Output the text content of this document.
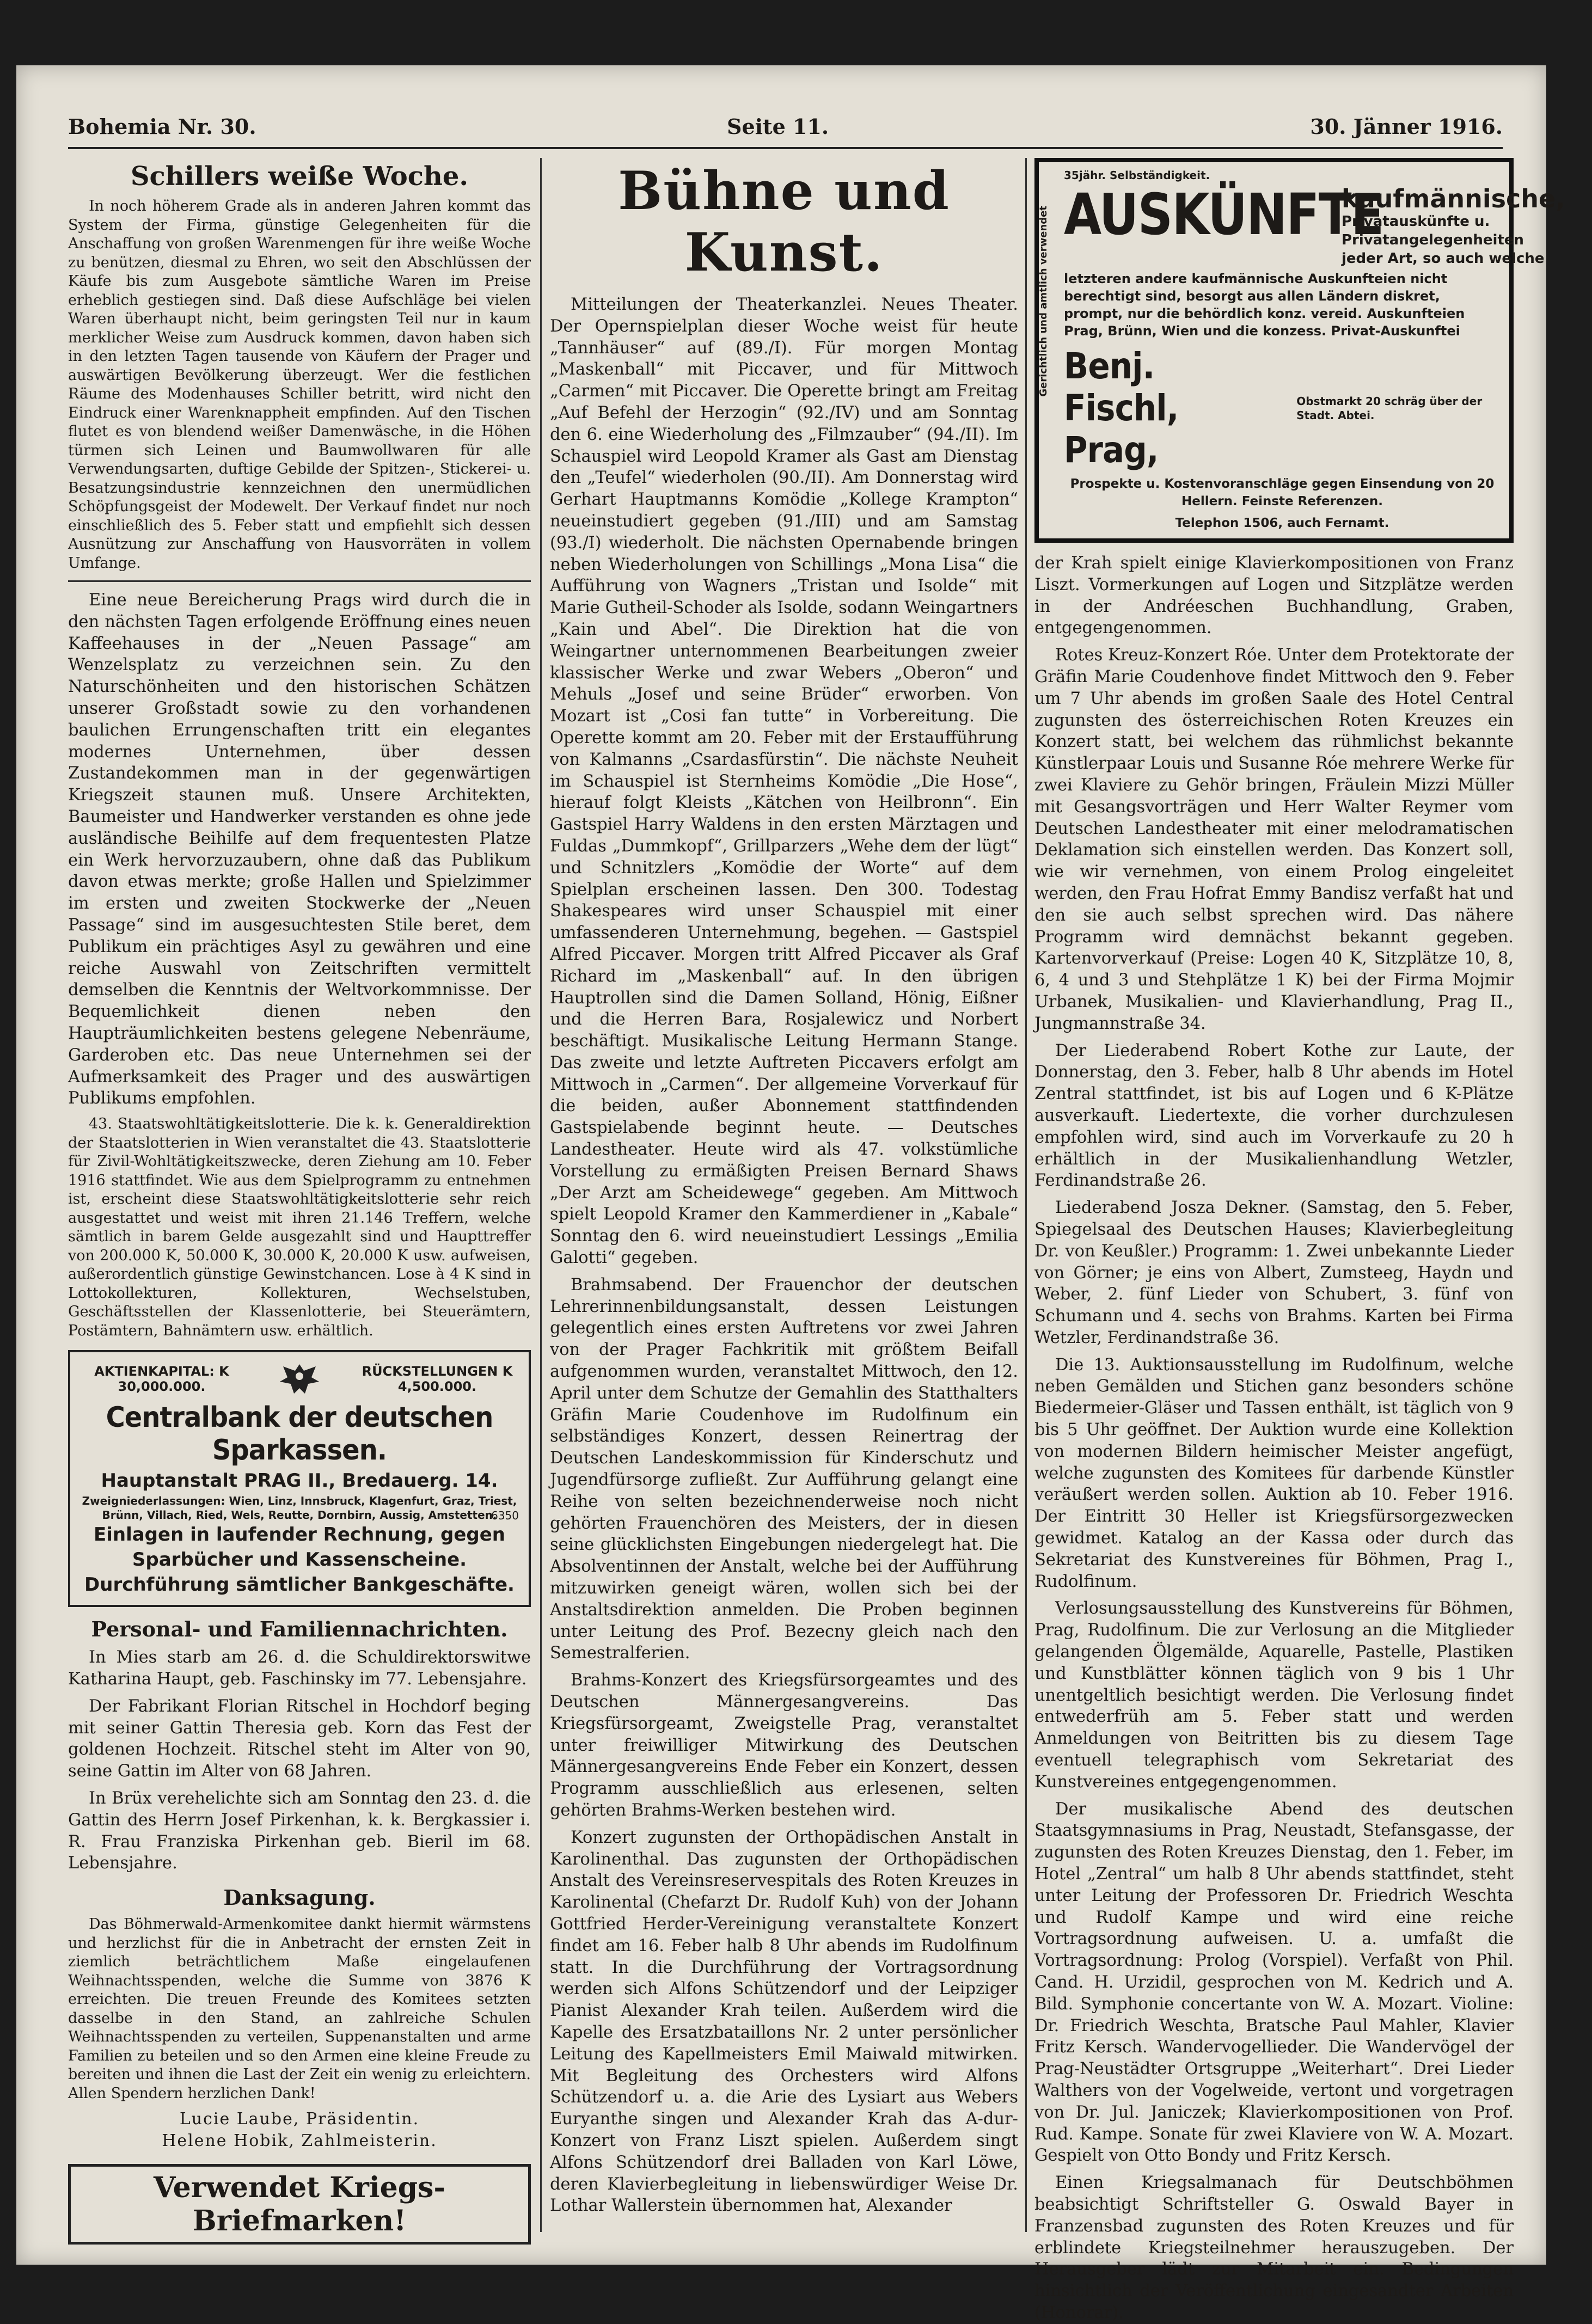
Bohemia Nr. 30.	Seite 11.	30. Jänner 1916.
Schillers weiße Woche.

In noch höherem Grade als in anderen Jahren kommt das System der Firma, günstige Gelegenheiten für die Anschaffung von großen Warenmengen für ihre weiße Woche zu benützen, diesmal zu Ehren, wo seit den Abschlüssen der Käufe bis zum Ausgebote sämtliche Waren im Preise erheblich gestiegen sind. Daß diese Aufschläge bei vielen Waren überhaupt nicht, beim geringsten Teil nur in kaum merklicher Weise zum Ausdruck kommen, davon haben sich in den letzten Tagen tausende von Käufern der Prager und auswärtigen Bevölkerung überzeugt. Wer die festlichen Räume des Modenhauses Schiller betritt, wird nicht den Eindruck einer Warenknappheit empfinden. Auf den Tischen flutet es von blendend weißer Damenwäsche, in die Höhen türmen sich Leinen und Baumwollwaren für alle Verwendungsarten, duftige Gebilde der Spitzen-, Stickerei- u. Besatzungsindustrie kennzeichnen den unermüdlichen Schöpfungsgeist der Modewelt. Der Verkauf findet nur noch einschließlich des 5. Feber statt und empfiehlt sich dessen Ausnützung zur Anschaffung von Hausvorräten in vollem Umfange.

Eine neue Bereicherung Prags wird durch die in den nächsten Tagen erfolgende Eröffnung eines neuen Kaffeehauses in der „Neuen Passage“ am Wenzelsplatz zu verzeichnen sein. Zu den Naturschönheiten und den historischen Schätzen unserer Großstadt sowie zu den vorhandenen baulichen Errungenschaften tritt ein elegantes modernes Unternehmen, über dessen Zustandekommen man in der gegenwärtigen Kriegszeit staunen muß. Unsere Architekten, Baumeister und Handwerker verstanden es ohne jede ausländische Beihilfe auf dem frequentesten Platze ein Werk hervorzuzaubern, ohne daß das Publikum davon etwas merkte; große Hallen und Spielzimmer im ersten und zweiten Stockwerke der „Neuen Passage“ sind im ausgesuchtesten Stile beret, dem Publikum ein prächtiges Asyl zu gewähren und eine reiche Auswahl von Zeitschriften vermittelt demselben die Kenntnis der Weltvorkommnisse. Der Bequemlichkeit dienen neben den Haupträumlichkeiten bestens gelegene Nebenräume, Garderoben etc. Das neue Unternehmen sei der Aufmerksamkeit des Prager und des auswärtigen Publikums empfohlen.

43. Staatswohltätigkeitslotterie. Die k. k. Generaldirektion der Staatslotterien in Wien veranstaltet die 43. Staatslotterie für Zivil-Wohltätigkeitszwecke, deren Ziehung am 10. Feber 1916 stattfindet. Wie aus dem Spielprogramm zu entnehmen ist, erscheint diese Staatswohltätigkeitslotterie sehr reich ausgestattet und weist mit ihren 21.146 Treffern, welche sämtlich in barem Gelde ausgezahlt sind und Haupttreffer von 200.000 K, 50.000 K, 30.000 K, 20.000 K usw. aufweisen, außerordentlich günstige Gewinstchancen. Lose à 4 K sind in Lottokollekturen, Kollekturen, Wechselstuben, Geschäftsstellen der Klassenlotterie, bei Steuerämtern, Postämtern, Bahnämtern usw. erhältlich.

AKTIENKAPITAL: K 30,000.000.
RÜCKSTELLUNGEN K 4,500.000.
Centralbank der deutschen Sparkassen.
Hauptanstalt PRAG II., Bredauerg. 14.
Zweigniederlassungen: Wien, Linz, Innsbruck, Klagenfurt, Graz, Triest, Brünn, Villach, Ried, Wels, Reutte, Dornbirn, Aussig, Amstetten.
6350
Einlagen in laufender Rechnung, gegen
Sparbücher und Kassenscheine.
Durchführung sämtlicher Bankgeschäfte.
Personal- und Familiennachrichten.

In Mies starb am 26. d. die Schuldirektorswitwe Katharina Haupt, geb. Faschinsky im 77. Lebensjahre.

Der Fabrikant Florian Ritschel in Hochdorf beging mit seiner Gattin Theresia geb. Korn das Fest der goldenen Hochzeit. Ritschel steht im Alter von 90, seine Gattin im Alter von 68 Jahren.

In Brüx verehelichte sich am Sonntag den 23. d. die Gattin des Herrn Josef Pirkenhan, k. k. Bergkassier i. R. Frau Franziska Pirkenhan geb. Bieril im 68. Lebensjahre.

Danksagung.

Das Böhmerwald-Armenkomitee dankt hiermit wärmstens und herzlichst für die in Anbetracht der ernsten Zeit in ziemlich beträchtlichem Maße eingelaufenen Weihnachtsspenden, welche die Summe von 3876 K erreichten. Die treuen Freunde des Komitees setzten dasselbe in den Stand, an zahlreiche Schulen Weihnachtsspenden zu verteilen, Suppenanstalten und arme Familien zu beteilen und so den Armen eine kleine Freude zu bereiten und ihnen die Last der Zeit ein wenig zu erleichtern. Allen Spendern herzlichen Dank!

Lucie Laube, Präsidentin.

Helene Hobik, Zahlmeisterin.

Verwendet Kriegs-Briefmarken!
Bühne und Kunst.

Mitteilungen der Theaterkanzlei. Neues Theater. Der Opernspielplan dieser Woche weist für heute „Tannhäuser“ auf (89./I). Für morgen Montag „Maskenball“ mit Piccaver, und für Mittwoch „Carmen“ mit Piccaver. Die Operette bringt am Freitag „Auf Befehl der Herzogin“ (92./IV) und am Sonntag den 6. eine Wiederholung des „Filmzauber“ (94./II). Im Schauspiel wird Leopold Kramer als Gast am Dienstag den „Teufel“ wiederholen (90./II). Am Donnerstag wird Gerhart Hauptmanns Komödie „Kollege Krampton“ neueinstudiert gegeben (91./III) und am Samstag (93./I) wiederholt. Die nächsten Opernabende bringen neben Wiederholungen von Schillings „Mona Lisa“ die Aufführung von Wagners „Tristan und Isolde“ mit Marie Gutheil-Schoder als Isolde, sodann Weingartners „Kain und Abel“. Die Direktion hat die von Weingartner unternommenen Bearbeitungen zweier klassischer Werke und zwar Webers „Oberon“ und Mehuls „Josef und seine Brüder“ erworben. Von Mozart ist „Cosi fan tutte“ in Vorbereitung. Die Operette kommt am 20. Feber mit der Erstaufführung von Kalmanns „Csardasfürstin“. Die nächste Neuheit im Schauspiel ist Sternheims Komödie „Die Hose“, hierauf folgt Kleists „Kätchen von Heilbronn“. Ein Gastspiel Harry Waldens in den ersten Märztagen und Fuldas „Dummkopf“, Grillparzers „Wehe dem der lügt“ und Schnitzlers „Komödie der Worte“ auf dem Spielplan erscheinen lassen. Den 300. Todestag Shakespeares wird unser Schauspiel mit einer umfassenderen Unternehmung, begehen. — Gastspiel Alfred Piccaver. Morgen tritt Alfred Piccaver als Graf Richard im „Maskenball“ auf. In den übrigen Hauptrollen sind die Damen Solland, Hönig, Eißner und die Herren Bara, Rosjalewicz und Norbert beschäftigt. Musikalische Leitung Hermann Stange. Das zweite und letzte Auftreten Piccavers erfolgt am Mittwoch in „Carmen“. Der allgemeine Vorverkauf für die beiden, außer Abonnement stattfindenden Gastspielabende beginnt heute. — Deutsches Landestheater. Heute wird als 47. volkstümliche Vorstellung zu ermäßigten Preisen Bernard Shaws „Der Arzt am Scheidewege“ gegeben. Am Mittwoch spielt Leopold Kramer den Kammerdiener in „Kabale“ Sonntag den 6. wird neueinstudiert Lessings „Emilia Galotti“ gegeben.

Brahmsabend. Der Frauenchor der deutschen Lehrerinnenbildungsanstalt, dessen Leistungen gelegentlich eines ersten Auftretens vor zwei Jahren von der Prager Fachkritik mit größtem Beifall aufgenommen wurden, veranstaltet Mittwoch, den 12. April unter dem Schutze der Gemahlin des Statthalters Gräfin Marie Coudenhove im Rudolfinum ein selbständiges Konzert, dessen Reinertrag der Deutschen Landeskommission für Kinderschutz und Jugendfürsorge zufließt. Zur Aufführung gelangt eine Reihe von selten bezeichnenderweise noch nicht gehörten Frauenchören des Meisters, der in diesen seine glücklichsten Eingebungen niedergelegt hat. Die Absolventinnen der Anstalt, welche bei der Aufführung mitzuwirken geneigt wären, wollen sich bei der Anstaltsdirektion anmelden. Die Proben beginnen unter Leitung des Prof. Bezecny gleich nach den Semestralferien.

Brahms-Konzert des Kriegsfürsorgeamtes und des Deutschen Männergesangvereins. Das Kriegsfürsorgeamt, Zweigstelle Prag, veranstaltet unter freiwilliger Mitwirkung des Deutschen Männergesangvereins Ende Feber ein Konzert, dessen Programm ausschließlich aus erlesenen, selten gehörten Brahms-Werken bestehen wird.

Konzert zugunsten der Orthopädischen Anstalt in Karolinenthal. Das zugunsten der Orthopädischen Anstalt des Vereinsreservespitals des Roten Kreuzes in Karolinental (Chefarzt Dr. Rudolf Kuh) von der Johann Gottfried Herder-Vereinigung veranstaltete Konzert findet am 16. Feber halb 8 Uhr abends im Rudolfinum statt. In die Durchführung der Vortragsordnung werden sich Alfons Schützendorf und der Leipziger Pianist Alexander Krah teilen. Außerdem wird die Kapelle des Ersatzbataillons Nr. 2 unter persönlicher Leitung des Kapellmeisters Emil Maiwald mitwirken. Mit Begleitung des Orchesters wird Alfons Schützendorf u. a. die Arie des Lysiart aus Webers Euryanthe singen und Alexander Krah das A-dur-Konzert von Franz Liszt spielen. Außerdem singt Alfons Schützendorf drei Balladen von Karl Löwe, deren Klavierbegleitung in liebenswürdiger Weise Dr. Lothar Wallerstein übernommen hat, Alexander

Gerichtlich und amtlich verwendet
35jähr. Selbständigkeit.
AUSKÜNFTE
kaufmännische,
Privatauskünfte u. Privatangelegenheiten jeder Art, so auch welche
letzteren andere kaufmännische Auskunfteien nicht berechtigt sind, besorgt aus allen Ländern diskret, prompt, nur die behördlich konz. vereid. Auskunfteien Prag, Brünn, Wien und die konzess. Privat-Auskunftei
Benj. Fischl, Prag,
Obstmarkt 20 schräg über der Stadt. Abtei.
Prospekte u. Kostenvoranschläge gegen Einsendung von 20 Hellern. Feinste Referenzen.
Telephon 1506, auch Fernamt.

der Krah spielt einige Klavierkompositionen von Franz Liszt. Vormerkungen auf Logen und Sitzplätze werden in der Andréeschen Buchhandlung, Graben, entgegengenommen.

Rotes Kreuz-Konzert Róe. Unter dem Protektorate der Gräfin Marie Coudenhove findet Mittwoch den 9. Feber um 7 Uhr abends im großen Saale des Hotel Central zugunsten des österreichischen Roten Kreuzes ein Konzert statt, bei welchem das rühmlichst bekannte Künstlerpaar Louis und Susanne Róe mehrere Werke für zwei Klaviere zu Gehör bringen, Fräulein Mizzi Müller mit Gesangsvorträgen und Herr Walter Reymer vom Deutschen Landestheater mit einer melodramatischen Deklamation sich einstellen werden. Das Konzert soll, wie wir vernehmen, von einem Prolog eingeleitet werden, den Frau Hofrat Emmy Bandisz verfaßt hat und den sie auch selbst sprechen wird. Das nähere Programm wird demnächst bekannt gegeben. Kartenvorverkauf (Preise: Logen 40 K, Sitzplätze 10, 8, 6, 4 und 3 und Stehplätze 1 K) bei der Firma Mojmir Urbanek, Musikalien- und Klavierhandlung, Prag II., Jungmannstraße 34.

Der Liederabend Robert Kothe zur Laute, der Donnerstag, den 3. Feber, halb 8 Uhr abends im Hotel Zentral stattfindet, ist bis auf Logen und 6 K-Plätze ausverkauft. Liedertexte, die vorher durchzulesen empfohlen wird, sind auch im Vorverkaufe zu 20 h erhältlich in der Musikalienhandlung Wetzler, Ferdinandstraße 26.

Liederabend Josza Dekner. (Samstag, den 5. Feber, Spiegelsaal des Deutschen Hauses; Klavierbegleitung Dr. von Keußler.) Programm: 1. Zwei unbekannte Lieder von Görner; je eins von Albert, Zumsteeg, Haydn und Weber, 2. fünf Lieder von Schubert, 3. fünf von Schumann und 4. sechs von Brahms. Karten bei Firma Wetzler, Ferdinandstraße 36.

Die 13. Auktionsausstellung im Rudolfinum, welche neben Gemälden und Stichen ganz besonders schöne Biedermeier-Gläser und Tassen enthält, ist täglich von 9 bis 5 Uhr geöffnet. Der Auktion wurde eine Kollektion von modernen Bildern heimischer Meister angefügt, welche zugunsten des Komitees für darbende Künstler veräußert werden sollen. Auktion ab 10. Feber 1916. Der Eintritt 30 Heller ist Kriegsfürsorgezwecken gewidmet. Katalog an der Kassa oder durch das Sekretariat des Kunstvereines für Böhmen, Prag I., Rudolfinum.

Verlosungsausstellung des Kunstvereins für Böhmen, Prag, Rudolfinum. Die zur Verlosung an die Mitglieder gelangenden Ölgemälde, Aquarelle, Pastelle, Plastiken und Kunstblätter können täglich von 9 bis 1 Uhr unentgeltlich besichtigt werden. Die Verlosung findet entwederfrüh am 5. Feber statt und werden Anmeldungen von Beitritten bis zu diesem Tage eventuell telegraphisch vom Sekretariat des Kunstvereines entgegengenommen.

Der musikalische Abend des deutschen Staatsgymnasiums in Prag, Neustadt, Stefansgasse, der zugunsten des Roten Kreuzes Dienstag, den 1. Feber, im Hotel „Zentral“ um halb 8 Uhr abends stattfindet, steht unter Leitung der Professoren Dr. Friedrich Weschta und Rudolf Kampe und wird eine reiche Vortragsordnung aufweisen. U. a. umfaßt die Vortragsordnung: Prolog (Vorspiel). Verfaßt von Phil. Cand. H. Urzidil, gesprochen von M. Kedrich und A. Bild. Symphonie concertante von W. A. Mozart. Violine: Dr. Friedrich Weschta, Bratsche Paul Mahler, Klavier Fritz Kersch. Wandervogellieder. Die Wandervögel der Prag-Neustädter Ortsgruppe „Weiterhart“. Drei Lieder Walthers von der Vogelweide, vertont und vorgetragen von Dr. Jul. Janiczek; Klavierkompositionen von Prof. Rud. Kampe. Sonate für zwei Klaviere von W. A. Mozart. Gespielt von Otto Bondy und Fritz Kersch.

Einen Kriegsalmanach für Deutschböhmen beabsichtigt Schriftsteller G. Oswald Bayer in Franzensbad zugunsten des Roten Kreuzes und für erblindete Kriegsteilnehmer herauszugeben. Der Herausgeber lädt zur Mitarbeit ein. Bedingungen hinsichtlich der Veröffentlichung eingesandter Arbeiten (Honorar).
